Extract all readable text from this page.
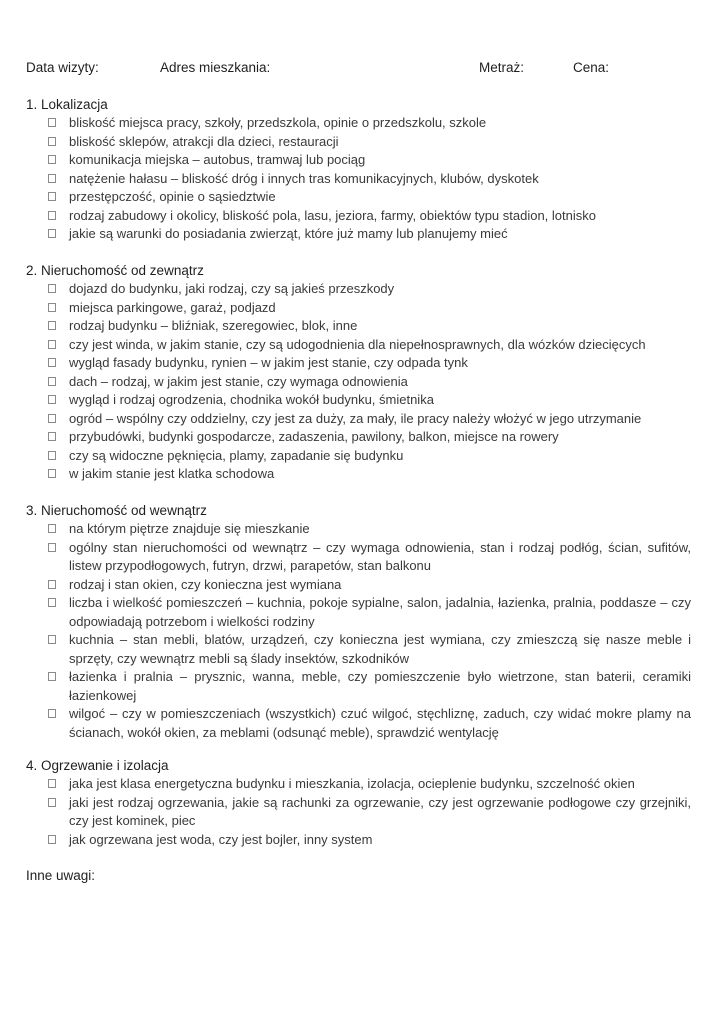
Data wizyty:	Adres mieszkania:	Metraż:	Cena:
1. Lokalizacja
bliskość miejsca pracy, szkoły, przedszkola, opinie o przedszkolu, szkole
bliskość sklepów, atrakcji dla dzieci, restauracji
komunikacja miejska – autobus, tramwaj lub pociąg
natężenie hałasu – bliskość dróg i innych tras komunikacyjnych, klubów, dyskotek
przestępczość, opinie o sąsiedztwie
rodzaj zabudowy i okolicy, bliskość pola, lasu, jeziora, farmy, obiektów typu stadion, lotnisko
jakie są warunki do posiadania zwierząt, które już mamy lub planujemy mieć
2. Nieruchomość od zewnątrz
dojazd do budynku, jaki rodzaj, czy są jakieś przeszkody
miejsca parkingowe, garaż, podjazd
rodzaj budynku – bliźniak, szeregowiec, blok, inne
czy jest winda, w jakim stanie, czy są udogodnienia dla niepełnosprawnych, dla wózków dziecięcych
wygląd fasady budynku, rynien – w jakim jest stanie, czy odpada tynk
dach – rodzaj, w jakim jest stanie, czy wymaga odnowienia
wygląd i rodzaj ogrodzenia, chodnika wokół budynku, śmietnika
ogród – wspólny czy oddzielny, czy jest za duży, za mały, ile pracy należy włożyć w jego utrzymanie
przybudówki, budynki gospodarcze, zadaszenia, pawilony, balkon, miejsce na rowery
czy są widoczne pęknięcia, plamy, zapadanie się budynku
w jakim stanie jest klatka schodowa
3. Nieruchomość od wewnątrz
na którym piętrze znajduje się mieszkanie
ogólny stan nieruchomości od wewnątrz – czy wymaga odnowienia, stan i rodzaj podłóg, ścian, sufitów, listew przypodłogowych, futryn, drzwi, parapetów, stan balkonu
rodzaj i stan okien, czy konieczna jest wymiana
liczba i wielkość pomieszczeń – kuchnia, pokoje sypialne, salon, jadalnia, łazienka, pralnia, poddasze – czy odpowiadają potrzebom i wielkości rodziny
kuchnia – stan mebli, blatów, urządzeń, czy konieczna jest wymiana, czy zmieszczą się nasze meble i sprzęty, czy wewnątrz mebli są ślady insektów, szkodników
łazienka i pralnia – prysznic, wanna, meble, czy pomieszczenie było wietrzone, stan baterii, ceramiki łazienkowej
wilgoć – czy w pomieszczeniach (wszystkich) czuć wilgoć, stęchliznę, zaduch, czy widać mokre plamy na ścianach, wokół okien, za meblami (odsunąć meble), sprawdzić wentylację
4. Ogrzewanie i izolacja
jaka jest klasa energetyczna budynku i mieszkania, izolacja, ocieplenie budynku, szczelność okien
jaki jest rodzaj ogrzewania, jakie są rachunki za ogrzewanie, czy jest ogrzewanie podłogowe czy grzejniki, czy jest kominek, piec
jak ogrzewana jest woda, czy jest bojler, inny system
Inne uwagi:
